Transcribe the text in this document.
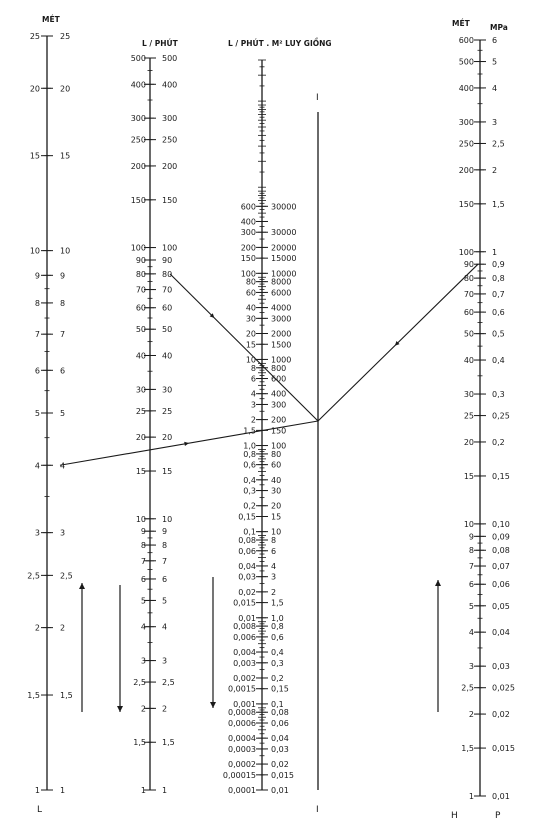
MÉT
L / PHÚT	L / PHÚT . M² LUY GIỒNG
MÉT	MPa
25
20
15
10
9
8
7
6
5
4
3
2,5
2
1,5
1
25
20
15
10
9
8
7
6
5
4
3
2,5
2
1,5
1	1
1,5
2
2,5
3
4
5
6
7
8
9
10
15
20
25
30
40
50
60
70
80
90
100
150
200
250
300
400
500
1
1,5
2
2,5
3
4
5
6
7
8
9
10
15
20
25
30
40
50
60
70
80
90
100
150
200
250
300
400
500
0,0001
0,00015
0,0002
0,0003
0,0004
0,0006
0,0008
0,001
0,0015
0,002
0,003
0,004
0,006
0,008
0,01
0,015
0,02
0,03
0,04
0,06
0,08
0,1
0,15
0,2
0,3
0,4
0,6
0,8
1,0
1,5
2
3
4
6
8
10
15
20
30
40
60
80
100
150
200
300
400
600
0,01
0,015
0,02
0,03
0,04
0,06
0,08
0,1
0,15
0,2
0,3
0,4
0,6
0,8
1,0
1,5
2
3
4
6
8
10
15
20
30
40
60
80
100
150
200
300
400
600
800
1000
1500
2000
3000
4000
6000
8000
10000
15000
20000
30000
30000
600
500
400
300
250
200
150
100
90
80
70
60
50
40
30
25
20
15
10
9
8
7
6
5
4
3
2,5
2
1,5
1
6
5
4
3
2,5
2
1,5
1
0,9
0,8
0,7
0,6
0,5
0,4
0,3
0,25
0,2
0,15
0,10
0,09
0,08
0,07
0,06
0,05
0,04
0,03
0,025
0,02
0,015
0,01
L
I
I
H	P
